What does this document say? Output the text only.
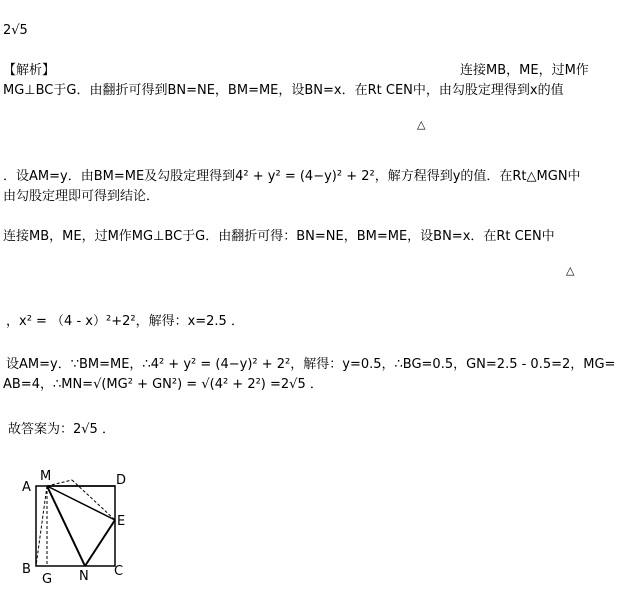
2√5
【解析】	连接MB，ME，过M作
MG⊥BC于G．由翻折可得到BN=NE，BM=ME，设BN=x．在Rt CEN中，由勾股定理得到x的值
△
．设AM=y．由BM=ME及勾股定理得到4² + y² = (4−y)² + 2²，解方程得到y的值．在Rt△MGN中
由勾股定理即可得到结论．
连接MB，ME，过M作MG⊥BC于G．由翻折可得：BN=NE，BM=ME，设BN=x．在Rt CEN中
△
，x² = （4 - x）²+2²，解得：x=2.5 ．
设AM=y．∵BM=ME，∴4² + y² = (4−y)² + 2²，解得：y=0.5，∴BG=0.5，GN=2.5 - 0.5=2，MG=
AB=4，∴MN=√(MG² + GN²) = √(4² + 2²) =2√5 ．
故答案为：2√5 ．
A
M	D
E
B
G N C
